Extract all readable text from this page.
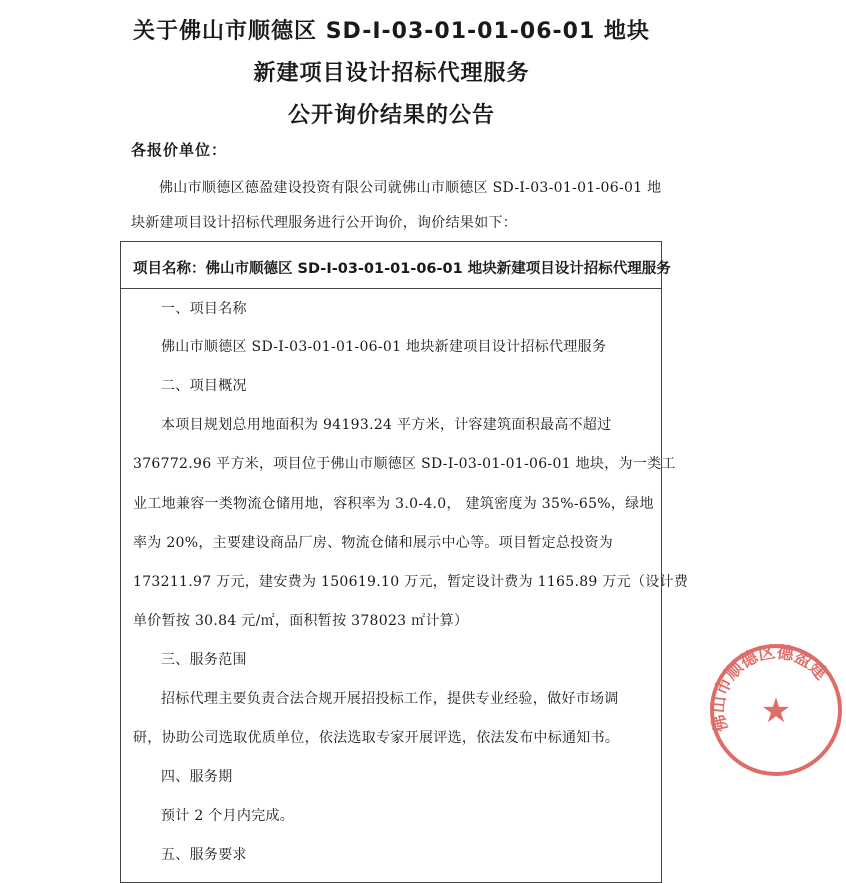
关于佛山市顺德区 SD-I-03-01-01-06-01 地块
新建项目设计招标代理服务
公开询价结果的公告
各报价单位：
佛山市顺德区德盈建设投资有限公司就佛山市顺德区 SD-I-03-01-01-06-01 地
块新建项目设计招标代理服务进行公开询价，询价结果如下：
项目名称：佛山市顺德区 SD-I-03-01-01-06-01 地块新建项目设计招标代理服务
一、项目名称
佛山市顺德区 SD-I-03-01-01-06-01 地块新建项目设计招标代理服务
二、项目概况
本项目规划总用地面积为 94193.24 平方米，计容建筑面积最高不超过
376772.96 平方米，项目位于佛山市顺德区 SD-I-03-01-01-06-01 地块，为一类工
业工地兼容一类物流仓储用地，容积率为 3.0-4.0， 建筑密度为 35%-65%，绿地
率为 20%，主要建设商品厂房、物流仓储和展示中心等。项目暂定总投资为
173211.97 万元，建安费为 150619.10 万元，暂定设计费为 1165.89 万元（设计费
单价暂按 30.84 元/㎡，面积暂按 378023 ㎡计算）
三、服务范围
招标代理主要负责合法合规开展招投标工作，提供专业经验，做好市场调
研，协助公司选取优质单位，依法选取专家开展评选，依法发布中标通知书。
四、服务期
预计 2 个月内完成。
五、服务要求
佛山市顺德区德盈建
★
